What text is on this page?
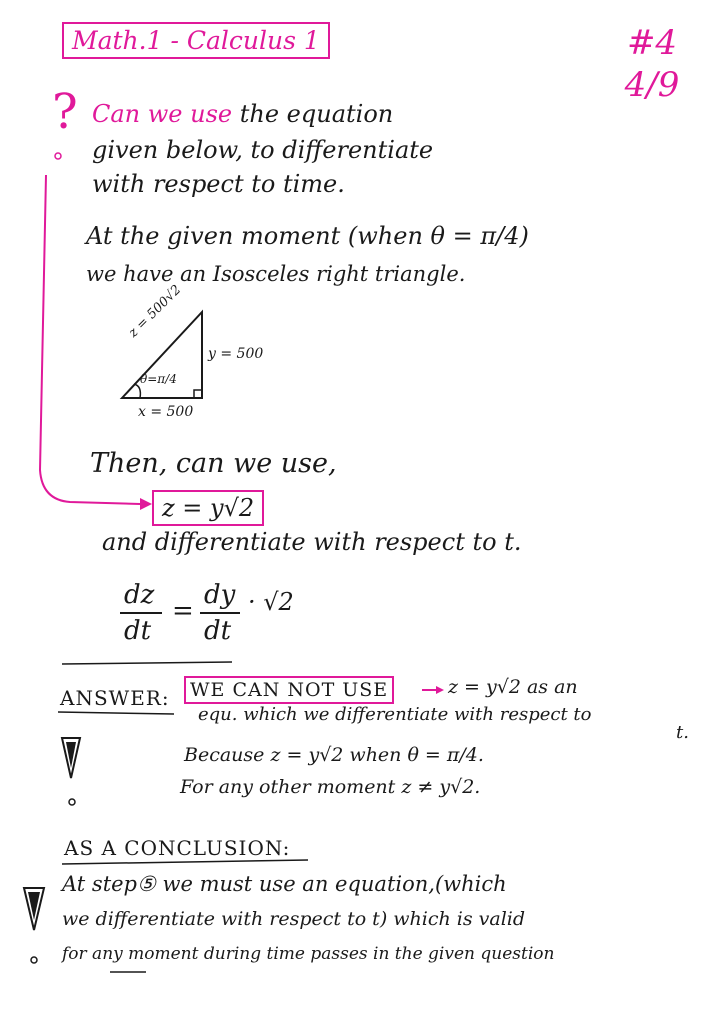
Math.1 - Calculus 1	#4
4/9
? Can we use the equation
given below, to differentiate
with respect to time.
At the given moment (when θ = π/4)
we have an Isosceles right triangle.
z = 500√2
y = 500
θ=π/4
x = 500
Then, can we use,
z = y√2
and differentiate with respect to t.
dz
dt
=
dy
dt
· √2
ANSWER:	WE CAN NOT USE	z = y√2 as an
equ. which we differentiate with respect to
t.
Because z = y√2 when θ = π/4.
For any other moment z ≠ y√2.
AS A CONCLUSION:
At step⑤ we must use an equation,(which
we differentiate with respect to t) which is valid
for any moment during time passes in the given question
